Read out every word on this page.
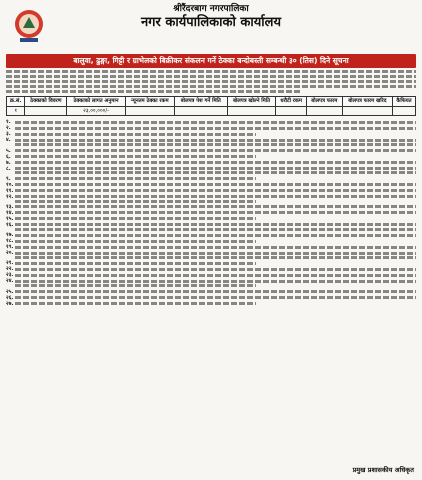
श्रीरैंदरबाग नगरपालिका
नगर कार्यपालिकाको कार्यालय
बालुवा, ढुङ्गा, गिट्टी र ग्राभेलको बिक्रीकर संकलन गर्ने ठेक्का बन्दोबस्ती सम्बन्धी ३० (तिस) दिने सूचना
क्र.सं.	ठेक्काको विवरण	ठेक्काको लागत अनुमान	न्यूनतम ठेक्का रकम	बोलपत्र पेश गर्ने मिति	बोलपत्र खोल्ने मिति	धरौटी रकम	बोलपत्र फारम	बोलपत्र फारम खरिद	कैफियत
१		२३,००,०००/-							
१.
२.
३.
४.
५.
६.
७.
८.
९.
१०.
११.
१२.
१३.
१४.
१५.
१६.
१७.
१८.
१९.
२०.
२१.
२२.
२३.
२४.
२५.
२६.
२७.
प्रमुख प्रशासकीय अधिकृत
